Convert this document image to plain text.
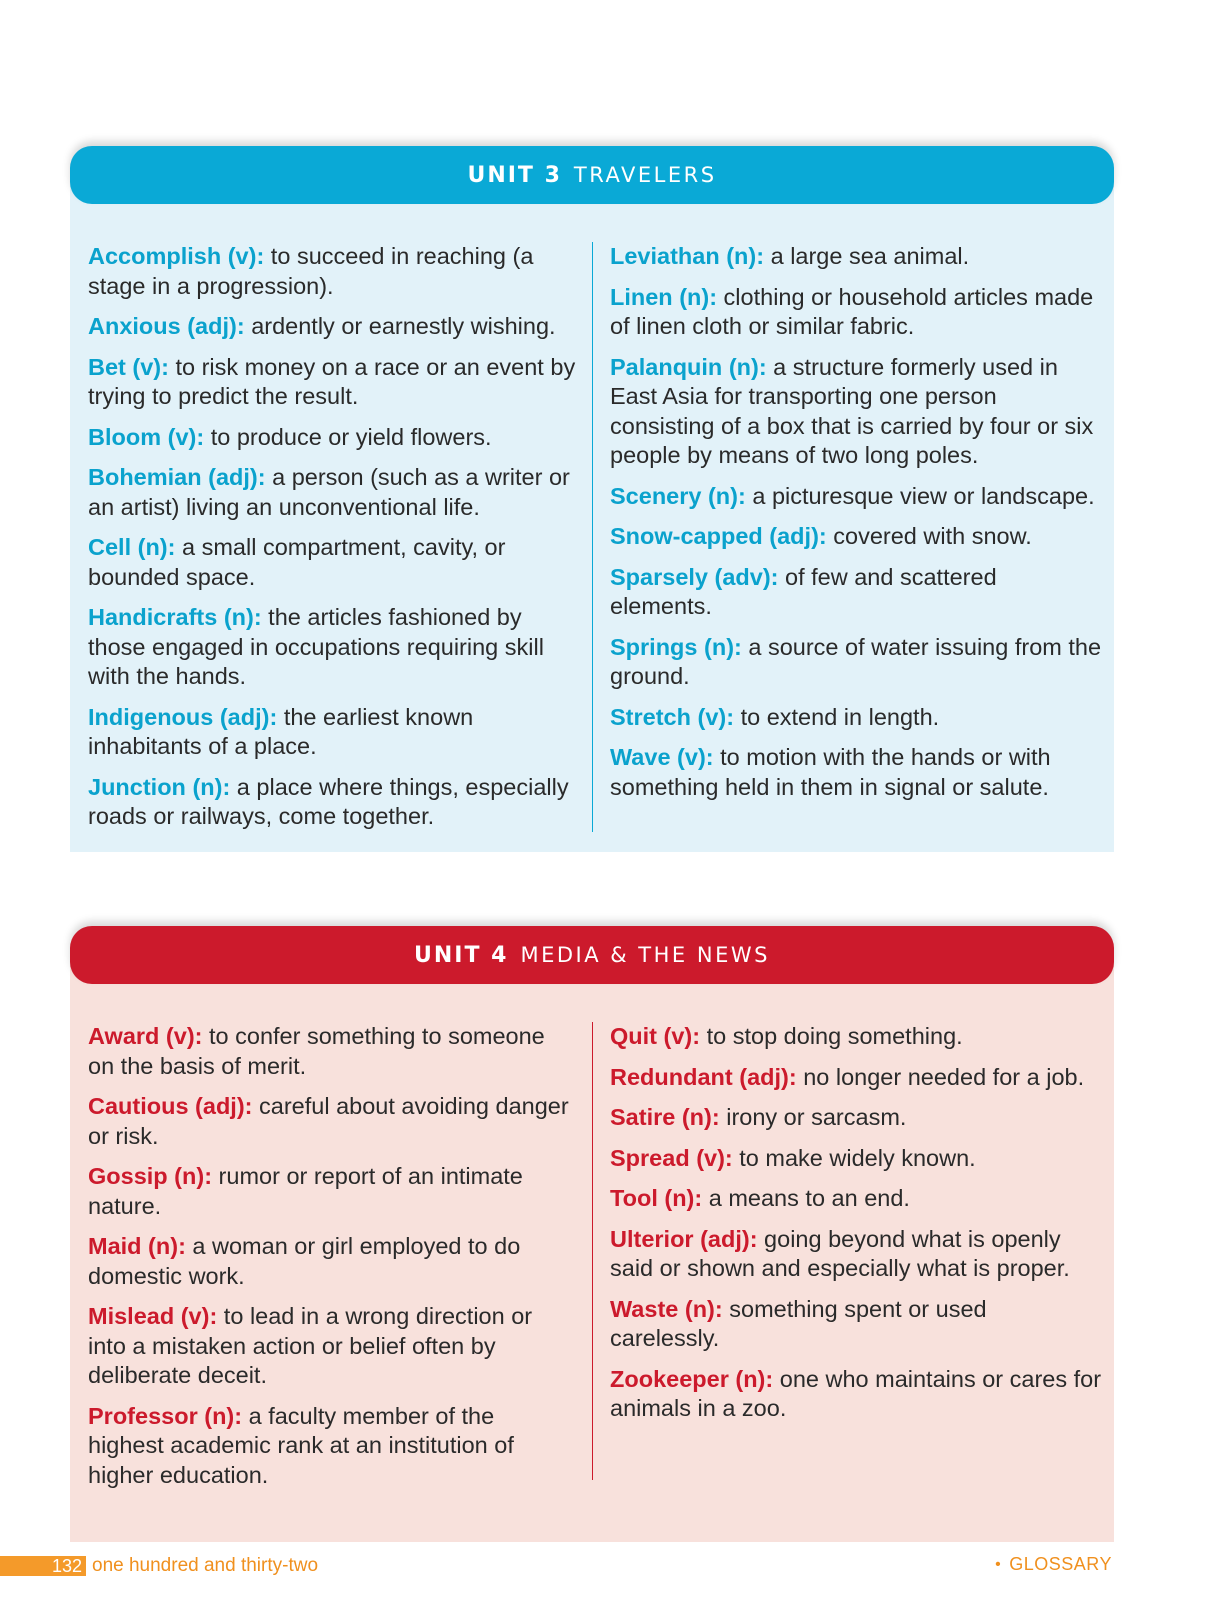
UNIT 3 TRAVELERS
Accomplish (v): to succeed in reaching (a stage in a progression).
Anxious (adj): ardently or earnestly wishing.
Bet (v): to risk money on a race or an event by trying to predict the result.
Bloom (v): to produce or yield flowers.
Bohemian (adj): a person (such as a writer or an artist) living an unconventional life.
Cell (n): a small compartment, cavity, or bounded space.
Handicrafts (n): the articles fashioned by those engaged in occupations requiring skill with the hands.
Indigenous (adj): the earliest known inhabitants of a place.
Junction (n): a place where things, especially roads or railways, come together.
Leviathan (n): a large sea animal.
Linen (n): clothing or household articles made of linen cloth or similar fabric.
Palanquin (n): a structure formerly used in East Asia for transporting one person consisting of a box that is carried by four or six people by means of two long poles.
Scenery (n): a picturesque view or landscape.
Snow-capped (adj): covered with snow.
Sparsely (adv): of few and scattered elements.
Springs (n): a source of water issuing from the ground.
Stretch (v): to extend in length.
Wave (v): to motion with the hands or with something held in them in signal or salute.
UNIT 4 MEDIA & THE NEWS
Award (v): to confer something to someone on the basis of merit.
Cautious (adj): careful about avoiding danger or risk.
Gossip (n): rumor or report of an intimate nature.
Maid (n): a woman or girl employed to do domestic work.
Mislead (v): to lead in a wrong direction or into a mistaken action or belief often by deliberate deceit.
Professor (n): a faculty member of the highest academic rank at an institution of higher education.
Quit (v): to stop doing something.
Redundant (adj): no longer needed for a job.
Satire (n): irony or sarcasm.
Spread (v): to make widely known.
Tool (n): a means to an end.
Ulterior (adj): going beyond what is openly said or shown and especially what is proper.
Waste (n): something spent or used carelessly.
Zookeeper (n): one who maintains or cares for animals in a zoo.
132 one hundred and thirty-two	• GLOSSARY
